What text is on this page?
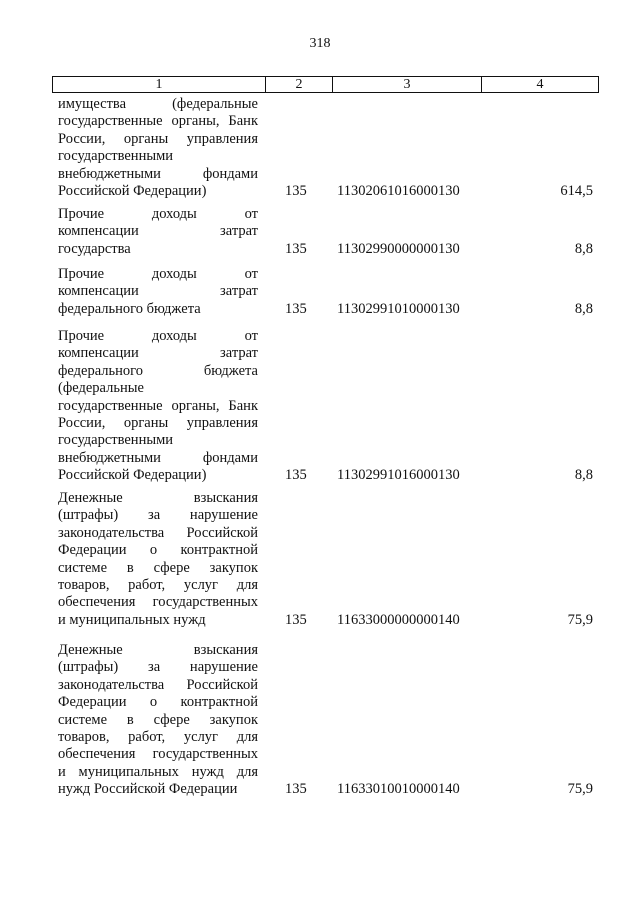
318
1	2	3	4
имущества (федеральные
государственные органы, Банк
России, органы управления
государственными
внебюджетными фондами
Российской Федерации)	135	11302061016000130	614,5
Прочие доходы от
компенсации затрат
государства	135	11302990000000130	8,8
Прочие доходы от
компенсации затрат
федерального бюджета	135	11302991010000130	8,8
Прочие доходы от
компенсации затрат
федерального бюджета
(федеральные
государственные органы, Банк
России, органы управления
государственными
внебюджетными фондами
Российской Федерации)	135	11302991016000130	8,8
Денежные взыскания
(штрафы) за нарушение
законодательства Российской
Федерации о контрактной
системе в сфере закупок
товаров, работ, услуг для
обеспечения государственных
и муниципальных нужд	135	11633000000000140	75,9
Денежные взыскания
(штрафы) за нарушение
законодательства Российской
Федерации о контрактной
системе в сфере закупок
товаров, работ, услуг для
обеспечения государственных
и муниципальных нужд для
нужд Российской Федерации	135	11633010010000140	75,9
